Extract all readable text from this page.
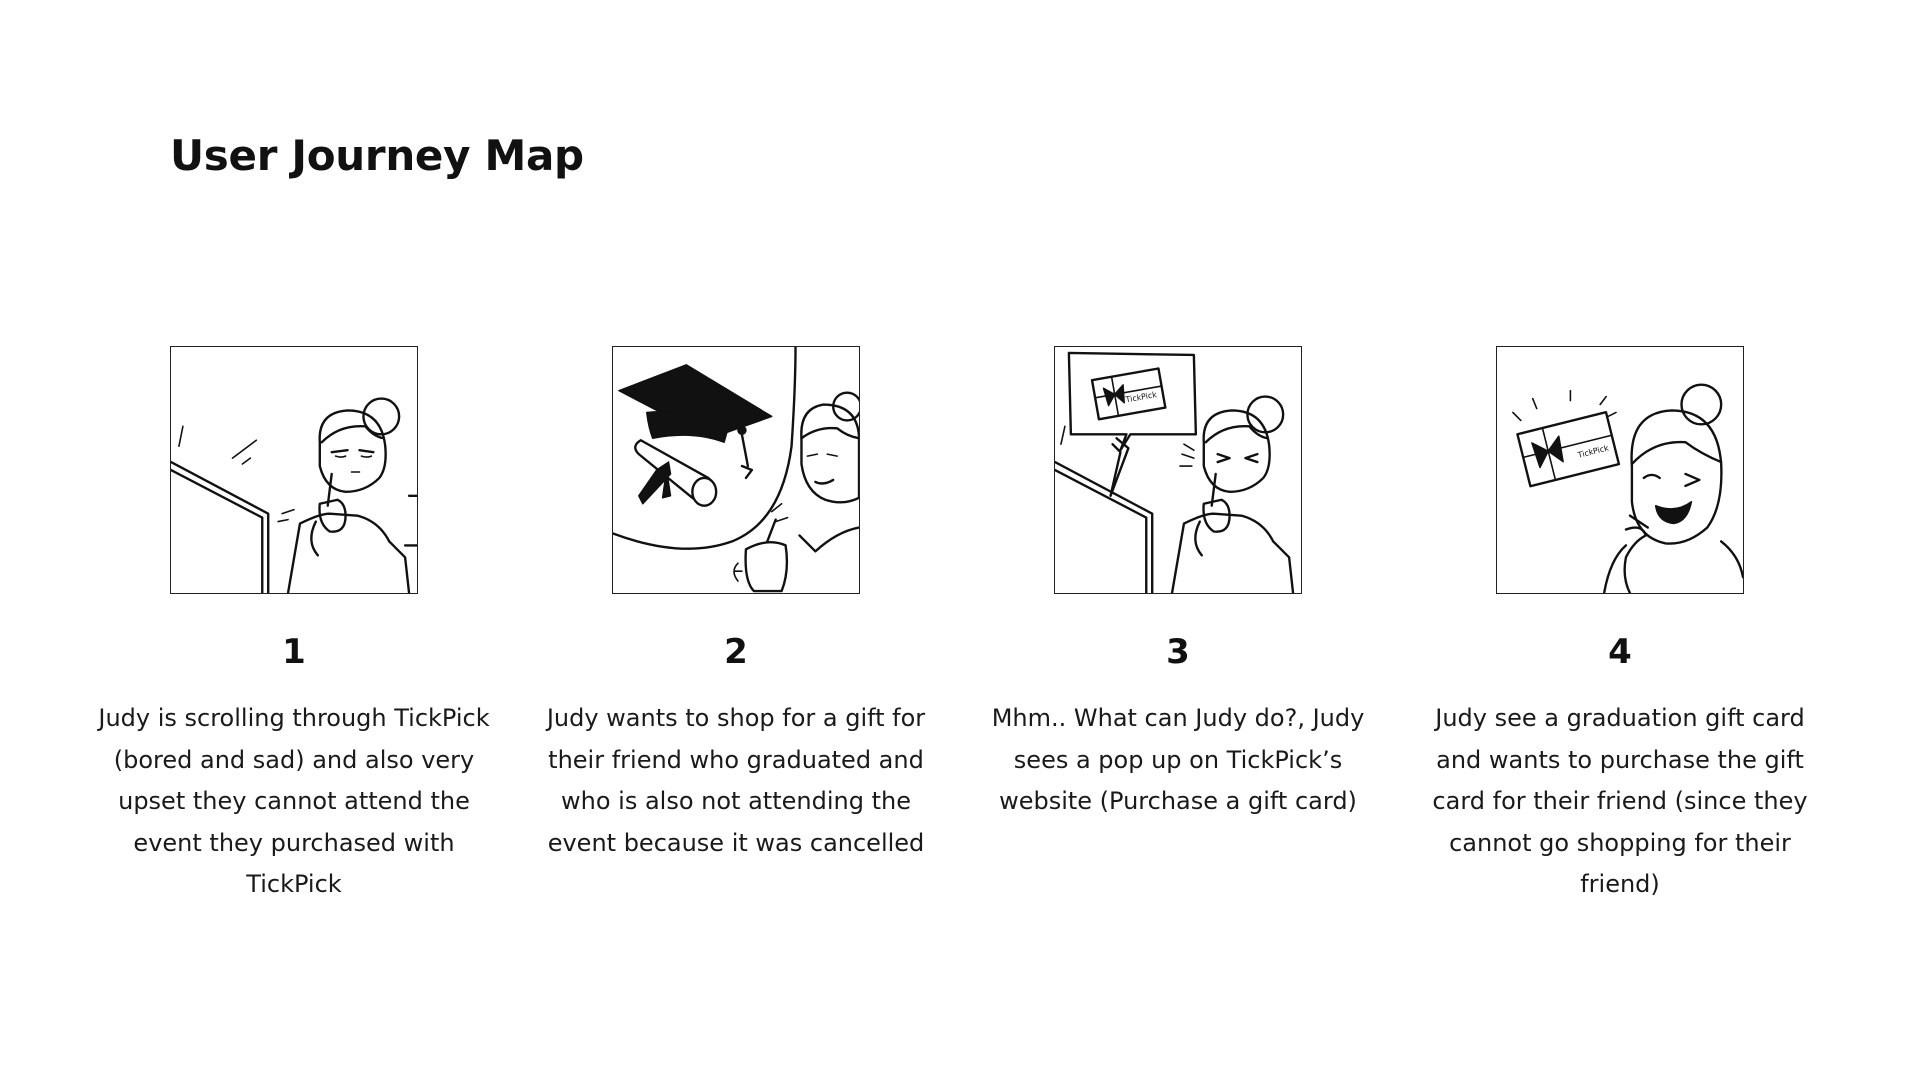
User Journey Map
1
Judy is scrolling through TickPick (bored and sad) and also very upset they cannot attend the event they purchased with TickPick
2
Judy wants to shop for a gift for their friend who graduated and who is also not attending the event because it was cancelled
TickPick
3
Mhm.. What can Judy do?, Judy sees a pop up on TickPick’s website (Purchase a gift card)
TickPick
4
Judy see a graduation gift card and wants to purchase the gift card for their friend (since they cannot go shopping for their friend)
